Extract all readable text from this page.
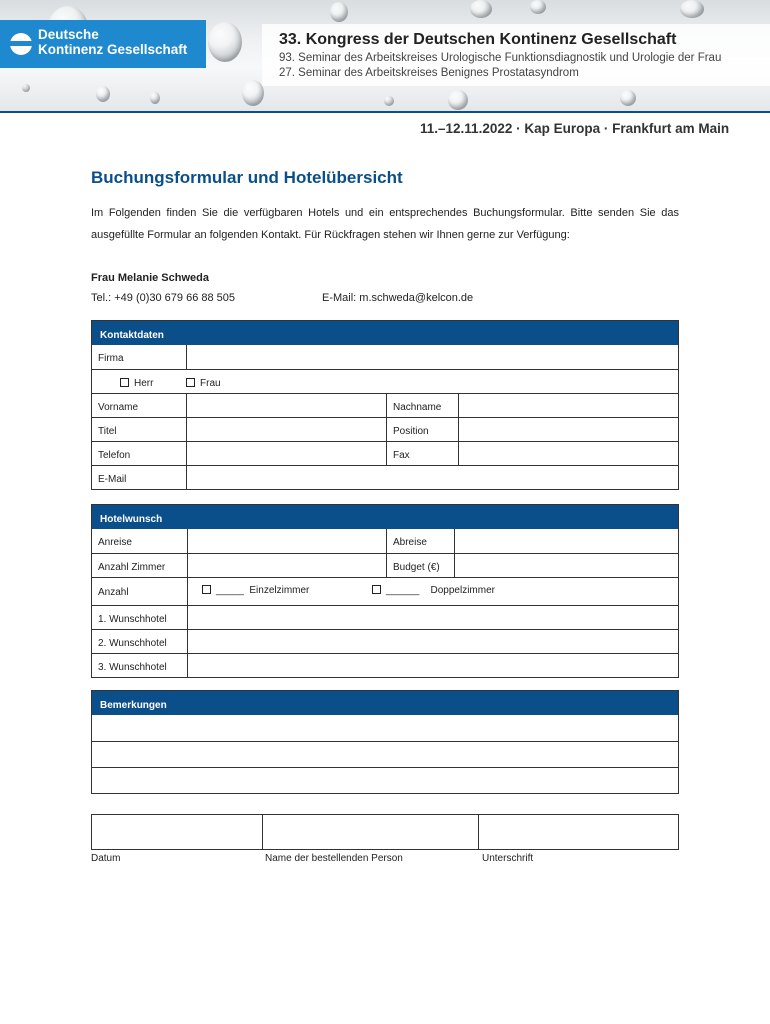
Deutsche
Kontinenz Gesellschaft
33. Kongress der Deutschen Kontinenz Gesellschaft
93. Seminar des Arbeitskreises Urologische Funktionsdiagnostik und Urologie der Frau
27. Seminar des Arbeitskreises Benignes Prostatasyndrom
11.–12.11.2022 · Kap Europa · Frankfurt am Main
Buchungsformular und Hotelübersicht
Im Folgenden finden Sie die verfügbaren Hotels und ein entsprechendes Buchungsformular. Bitte senden Sie das ausgefüllte Formular an folgenden Kontakt. Für Rückfragen stehen wir Ihnen gerne zur Verfügung:
Frau Melanie Schweda
Tel.: +49 (0)30 679 66 88 505	E-Mail: m.schweda@kelcon.de
Kontaktdaten
Firma
Herr	Frau
Vorname	Nachname
Titel	Position
Telefon	Fax
E-Mail
Hotelwunsch
Anreise	Abreise
Anzahl Zimmer	Budget (€)
Anzahl	_____ Einzelzimmer	______ Doppelzimmer
1. Wunschhotel
2. Wunschhotel
3. Wunschhotel
Bemerkungen
Datum	Name der bestellenden Person	Unterschrift
